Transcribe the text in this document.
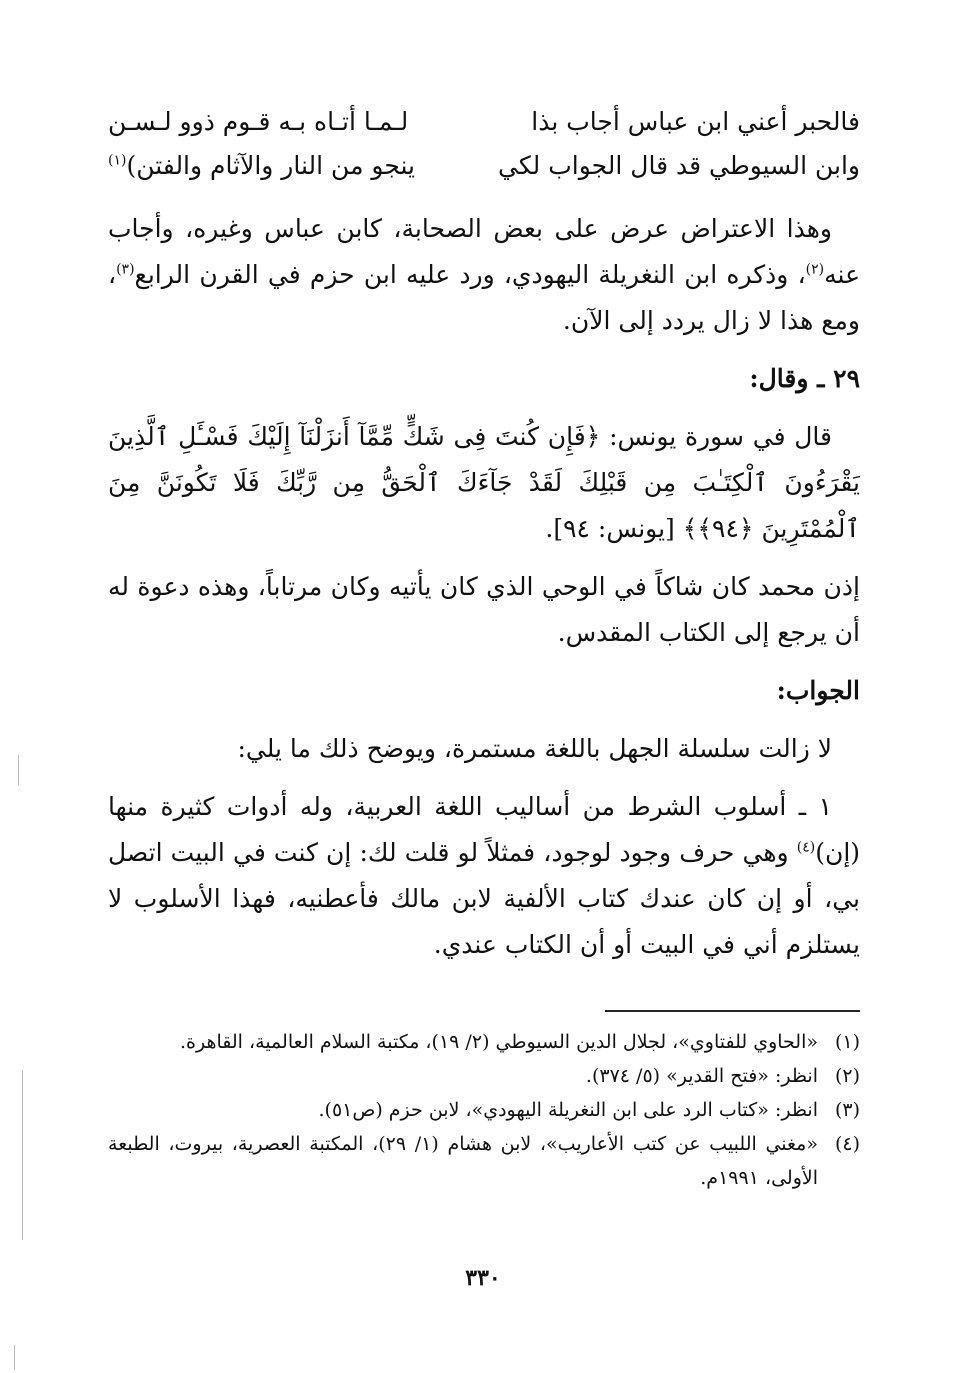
فالحبر أعني ابن عباس أجاب بذا
لـمـا أتـاه بـه قـوم ذوو لـسـن
وابن السيوطي قد قال الجواب لكي
ينجو من النار والآثام والفتن)$^{(١)}$

وهذا الاعتراض عرض على بعض الصحابة، كابن عباس وغيره، وأجاب عنه$^{(٢)}$، وذكره ابن النغريلة اليهودي، ورد عليه ابن حزم في القرن الرابع$^{(٣)}$، ومع هذا لا زال يردد إلى الآن.

٢٩ ـ وقال:

قال في سورة يونس: ﴿فَإِن كُنتَ فِى شَكٍّ مِّمَّآ أَنزَلْنَآ إِلَيْكَ فَسْـَٔلِ ٱلَّذِينَ يَقْرَءُونَ ٱلْكِتَـٰبَ مِن قَبْلِكَ لَقَدْ جَآءَكَ ٱلْحَقُّ مِن رَّبِّكَ فَلَا تَكُونَنَّ مِنَ ٱلْمُمْتَرِينَ ﴿٩٤﴾﴾ [يونس: ٩٤].

إذن محمد كان شاكاً في الوحي الذي كان يأتيه وكان مرتاباً، وهذه دعوة له أن يرجع إلى الكتاب المقدس.

الجواب:

لا زالت سلسلة الجهل باللغة مستمرة، ويوضح ذلك ما يلي:

١ ـ أسلوب الشرط من أساليب اللغة العربية، وله أدوات كثيرة منها (إن)$^{(٤)}$ وهي حرف وجود لوجود، فمثلاً لو قلت لك: إن كنت في البيت اتصل بي، أو إن كان عندك كتاب الألفية لابن مالك فأعطنيه، فهذا الأسلوب لا يستلزم أني في البيت أو أن الكتاب عندي.

(١)
«الحاوي للفتاوي»، لجلال الدين السيوطي (٢/ ١٩)، مكتبة السلام العالمية، القاهرة.
(٢)
انظر: «فتح القدير» (٥/ ٣٧٤).
(٣)
انظر: «كتاب الرد على ابن النغريلة اليهودي»، لابن حزم (ص٥١).
(٤)
«مغني اللبيب عن كتب الأعاريب»، لابن هشام (١/ ٢٩)، المكتبة العصرية، بيروت، الطبعة الأولى، ١٩٩١م.
٣٣٠
